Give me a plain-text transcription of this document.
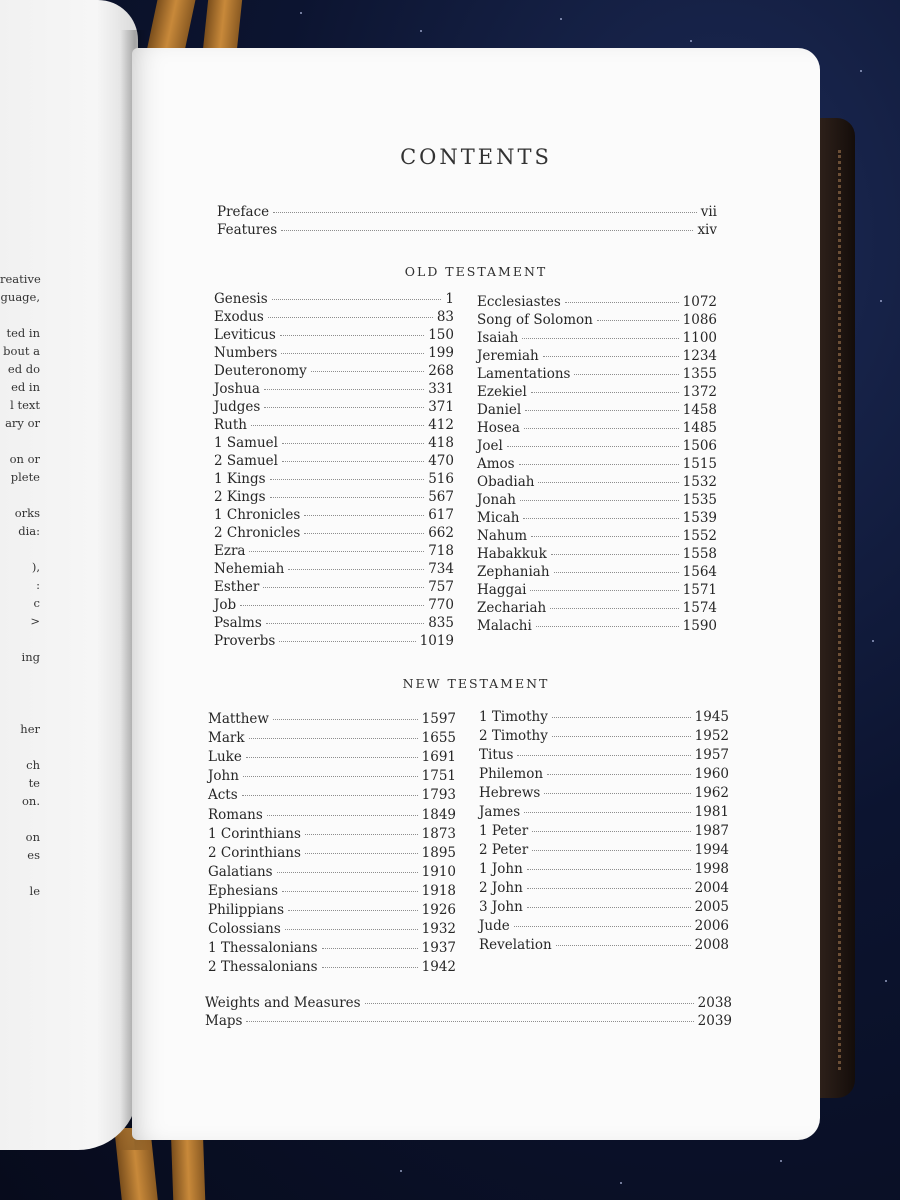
reative
guage,
ted in
bout a
ed do
ed in
l text
ary or
on or
plete
orks
dia:
),
:
c
>
ing
her
ch
te
on.
on
es
le
CONTENTS
OLD TESTAMENT
NEW TESTAMENT
Preface	vii
Features	xiv
Genesis	1
Exodus	83
Leviticus	150
Numbers	199
Deuteronomy	268
Joshua	331
Judges	371
Ruth	412
1 Samuel	418
2 Samuel	470
1 Kings	516
2 Kings	567
1 Chronicles	617
2 Chronicles	662
Ezra	718
Nehemiah	734
Esther	757
Job	770
Psalms	835
Proverbs	1019
Ecclesiastes	1072
Song of Solomon	1086
Isaiah	1100
Jeremiah	1234
Lamentations	1355
Ezekiel	1372
Daniel	1458
Hosea	1485
Joel	1506
Amos	1515
Obadiah	1532
Jonah	1535
Micah	1539
Nahum	1552
Habakkuk	1558
Zephaniah	1564
Haggai	1571
Zechariah	1574
Malachi	1590
Matthew	1597
Mark	1655
Luke	1691
John	1751
Acts	1793
Romans	1849
1 Corinthians	1873
2 Corinthians	1895
Galatians	1910
Ephesians	1918
Philippians	1926
Colossians	1932
1 Thessalonians	1937
2 Thessalonians	1942
1 Timothy	1945
2 Timothy	1952
Titus	1957
Philemon	1960
Hebrews	1962
James	1981
1 Peter	1987
2 Peter	1994
1 John	1998
2 John	2004
3 John	2005
Jude	2006
Revelation	2008
Weights and Measures	2038
Maps	2039
